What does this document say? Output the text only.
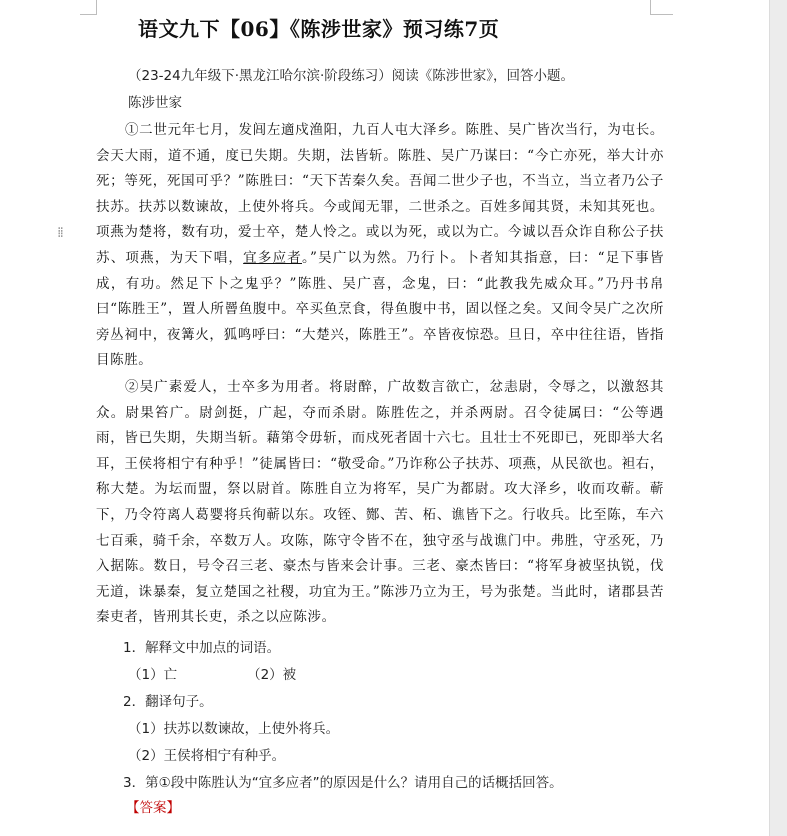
⁞⁞
语文九下【06】《陈涉世家》预习练7页

（23-24九年级下·黑龙江哈尔滨·阶段练习）阅读《陈涉世家》，回答小题。

陈涉世家

①二世元年七月，发闾左適戍渔阳，九百人屯大泽乡。陈胜、吴广皆次当行，为屯长。会天大雨，道不通，度已失期。失期，法皆斩。陈胜、吴广乃谋曰：“今亡亦死，举大计亦死；等死，死国可乎？”陈胜曰：“天下苦秦久矣。吾闻二世少子也，不当立，当立者乃公子扶苏。扶苏以数谏故，上使外将兵。今或闻无罪，二世杀之。百姓多闻其贤，未知其死也。项燕为楚将，数有功，爱士卒，楚人怜之。或以为死，或以为亡。今诚以吾众诈自称公子扶苏、项燕，为天下唱，宜多应者。”吴广以为然。乃行卜。卜者知其指意，曰：“足下事皆成，有功。然足下卜之鬼乎？”陈胜、吴广喜，念鬼，曰：“此教我先威众耳。”乃丹书帛曰“陈胜王”，置人所罾鱼腹中。卒买鱼烹食，得鱼腹中书，固以怪之矣。又间令吴广之次所旁丛祠中，夜篝火，狐鸣呼曰：“大楚兴，陈胜王”。卒皆夜惊恐。旦日，卒中往往语，皆指目陈胜。

②吴广素爱人，士卒多为用者。将尉醉，广故数言欲亡，忿恚尉，令辱之，以激怒其众。尉果笞广。尉剑挺，广起，夺而杀尉。陈胜佐之，并杀两尉。召令徒属曰：“公等遇雨，皆已失期，失期当斩。藉第令毋斩，而戍死者固十六七。且壮士不死即已，死即举大名耳，王侯将相宁有种乎！”徒属皆曰：“敬受命。”乃诈称公子扶苏、项燕，从民欲也。袒右，称大楚。为坛而盟，祭以尉首。陈胜自立为将军，吴广为都尉。攻大泽乡，收而攻蕲。蕲下，乃令符离人葛婴将兵徇蕲以东。攻铚、酂、苦、柘、谯皆下之。行收兵。比至陈，车六七百乘，骑千余，卒数万人。攻陈，陈守令皆不在，独守丞与战谯门中。弗胜，守丞死，乃入据陈。数日，号令召三老、豪杰与皆来会计事。三老、豪杰皆曰：“将军身被坚执锐，伐无道，诛暴秦，复立楚国之社稷，功宜为王。”陈涉乃立为王，号为张楚。当此时，诸郡县苦秦吏者，皆刑其长吏，杀之以应陈涉。

1．解释文中加点的词语。
（1）亡	（2）被
2．翻译句子。
（1）扶苏以数谏故，上使外将兵。
（2）王侯将相宁有种乎。
3．第①段中陈胜认为“宜多应者”的原因是什么？请用自己的话概括回答。
【答案】
